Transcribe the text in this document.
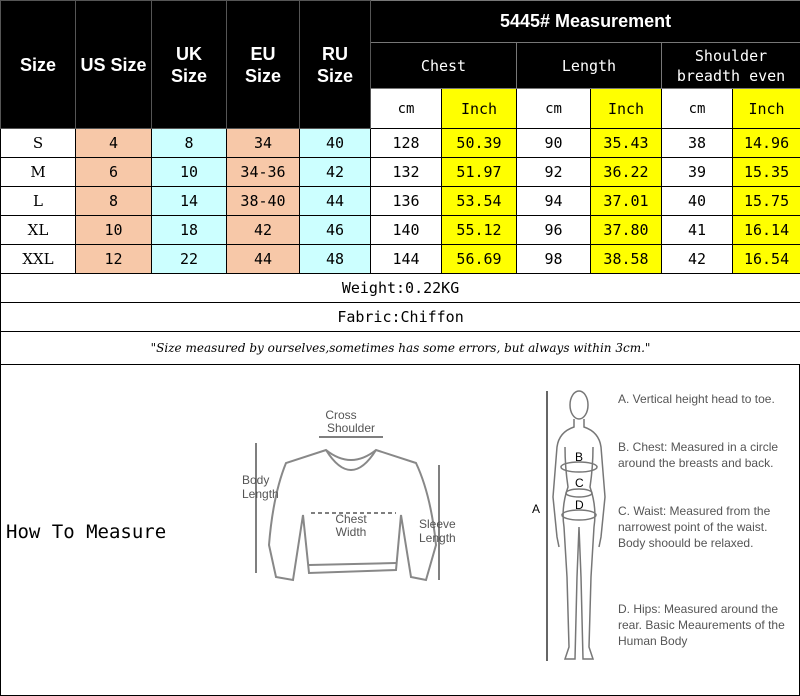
Size	US Size	UK Size	EU Size	RU Size	5445# Measurement					
					Chest		Length		Shoulder breadth even	
					cm	Inch	cm	Inch	cm	Inch
S	4	8	34	40	128	50.39	90	35.43	38	14.96
M	6	10	34-36	42	132	51.97	92	36.22	39	15.35
L	8	14	38-40	44	136	53.54	94	37.01	40	15.75
XL	10	18	42	46	140	55.12	96	37.80	41	16.14
XXL	12	22	44	48	144	56.69	98	38.58	42	16.54
Weight:0.22KG										
Fabric:Chiffon										
"Size measured by ourselves,sometimes has some errors, but always within 3cm."										
How To Measure
Cross
Shoulder
Body
Length
Chest
Width
Sleeve
Length
A
B
C
D
A. Vertical height head to toe.
B. Chest: Measured in a circle around the breasts and back.
C. Waist: Measured from the narrowest point of the waist. Body shoould be relaxed.
D. Hips: Measured around the rear. Basic Meaurements of the Human Body
